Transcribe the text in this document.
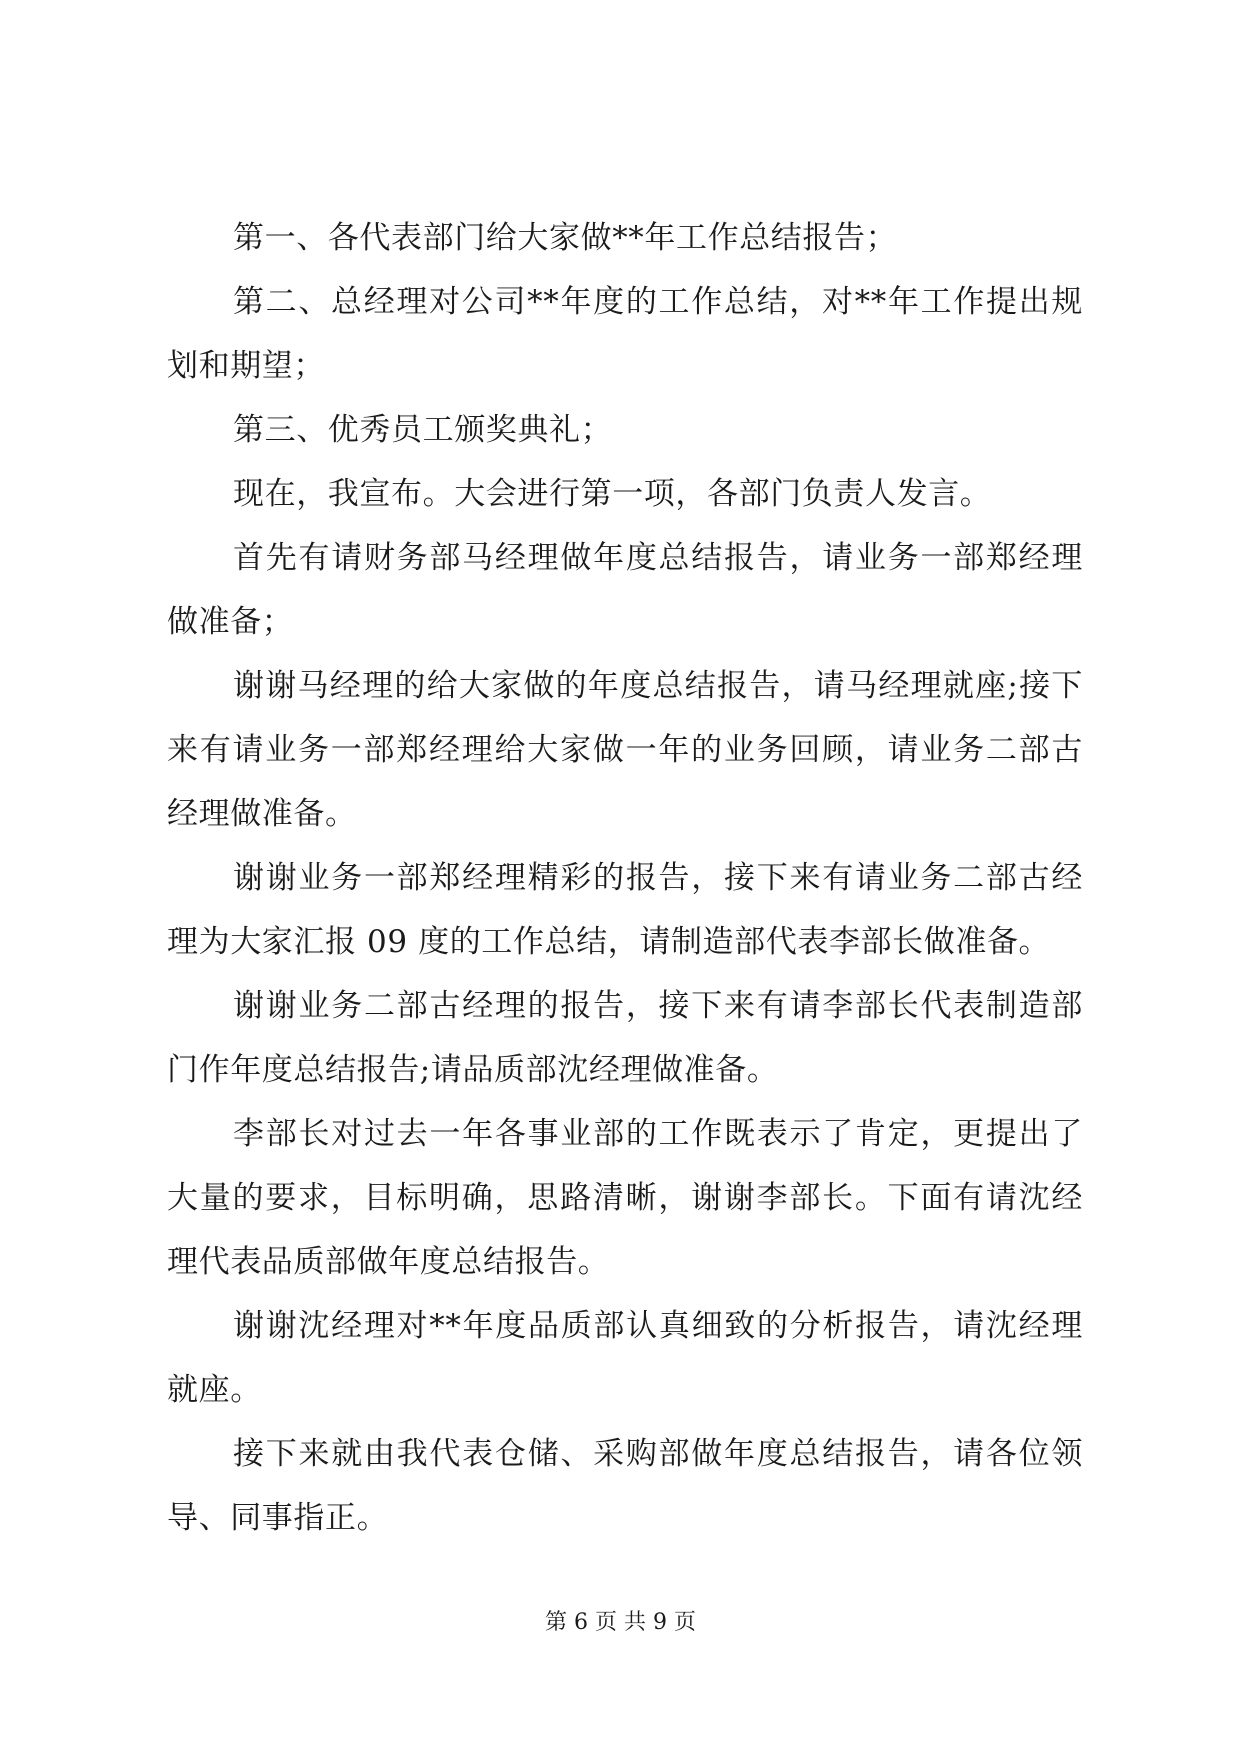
第一、各代表部门给大家做**年工作总结报告；

第二、总经理对公司**年度的工作总结，对**年工作提出规划和期望；

第三、优秀员工颁奖典礼；

现在，我宣布。大会进行第一项，各部门负责人发言。

首先有请财务部马经理做年度总结报告，请业务一部郑经理做准备；

谢谢马经理的给大家做的年度总结报告，请马经理就座;接下来有请业务一部郑经理给大家做一年的业务回顾，请业务二部古经理做准备。

谢谢业务一部郑经理精彩的报告，接下来有请业务二部古经理为大家汇报 09 度的工作总结，请制造部代表李部长做准备。

谢谢业务二部古经理的报告，接下来有请李部长代表制造部门作年度总结报告;请品质部沈经理做准备。

李部长对过去一年各事业部的工作既表示了肯定，更提出了大量的要求，目标明确，思路清晰，谢谢李部长。下面有请沈经理代表品质部做年度总结报告。

谢谢沈经理对**年度品质部认真细致的分析报告，请沈经理就座。

接下来就由我代表仓储、采购部做年度总结报告，请各位领导、同事指正。

第 6 页 共 9 页
